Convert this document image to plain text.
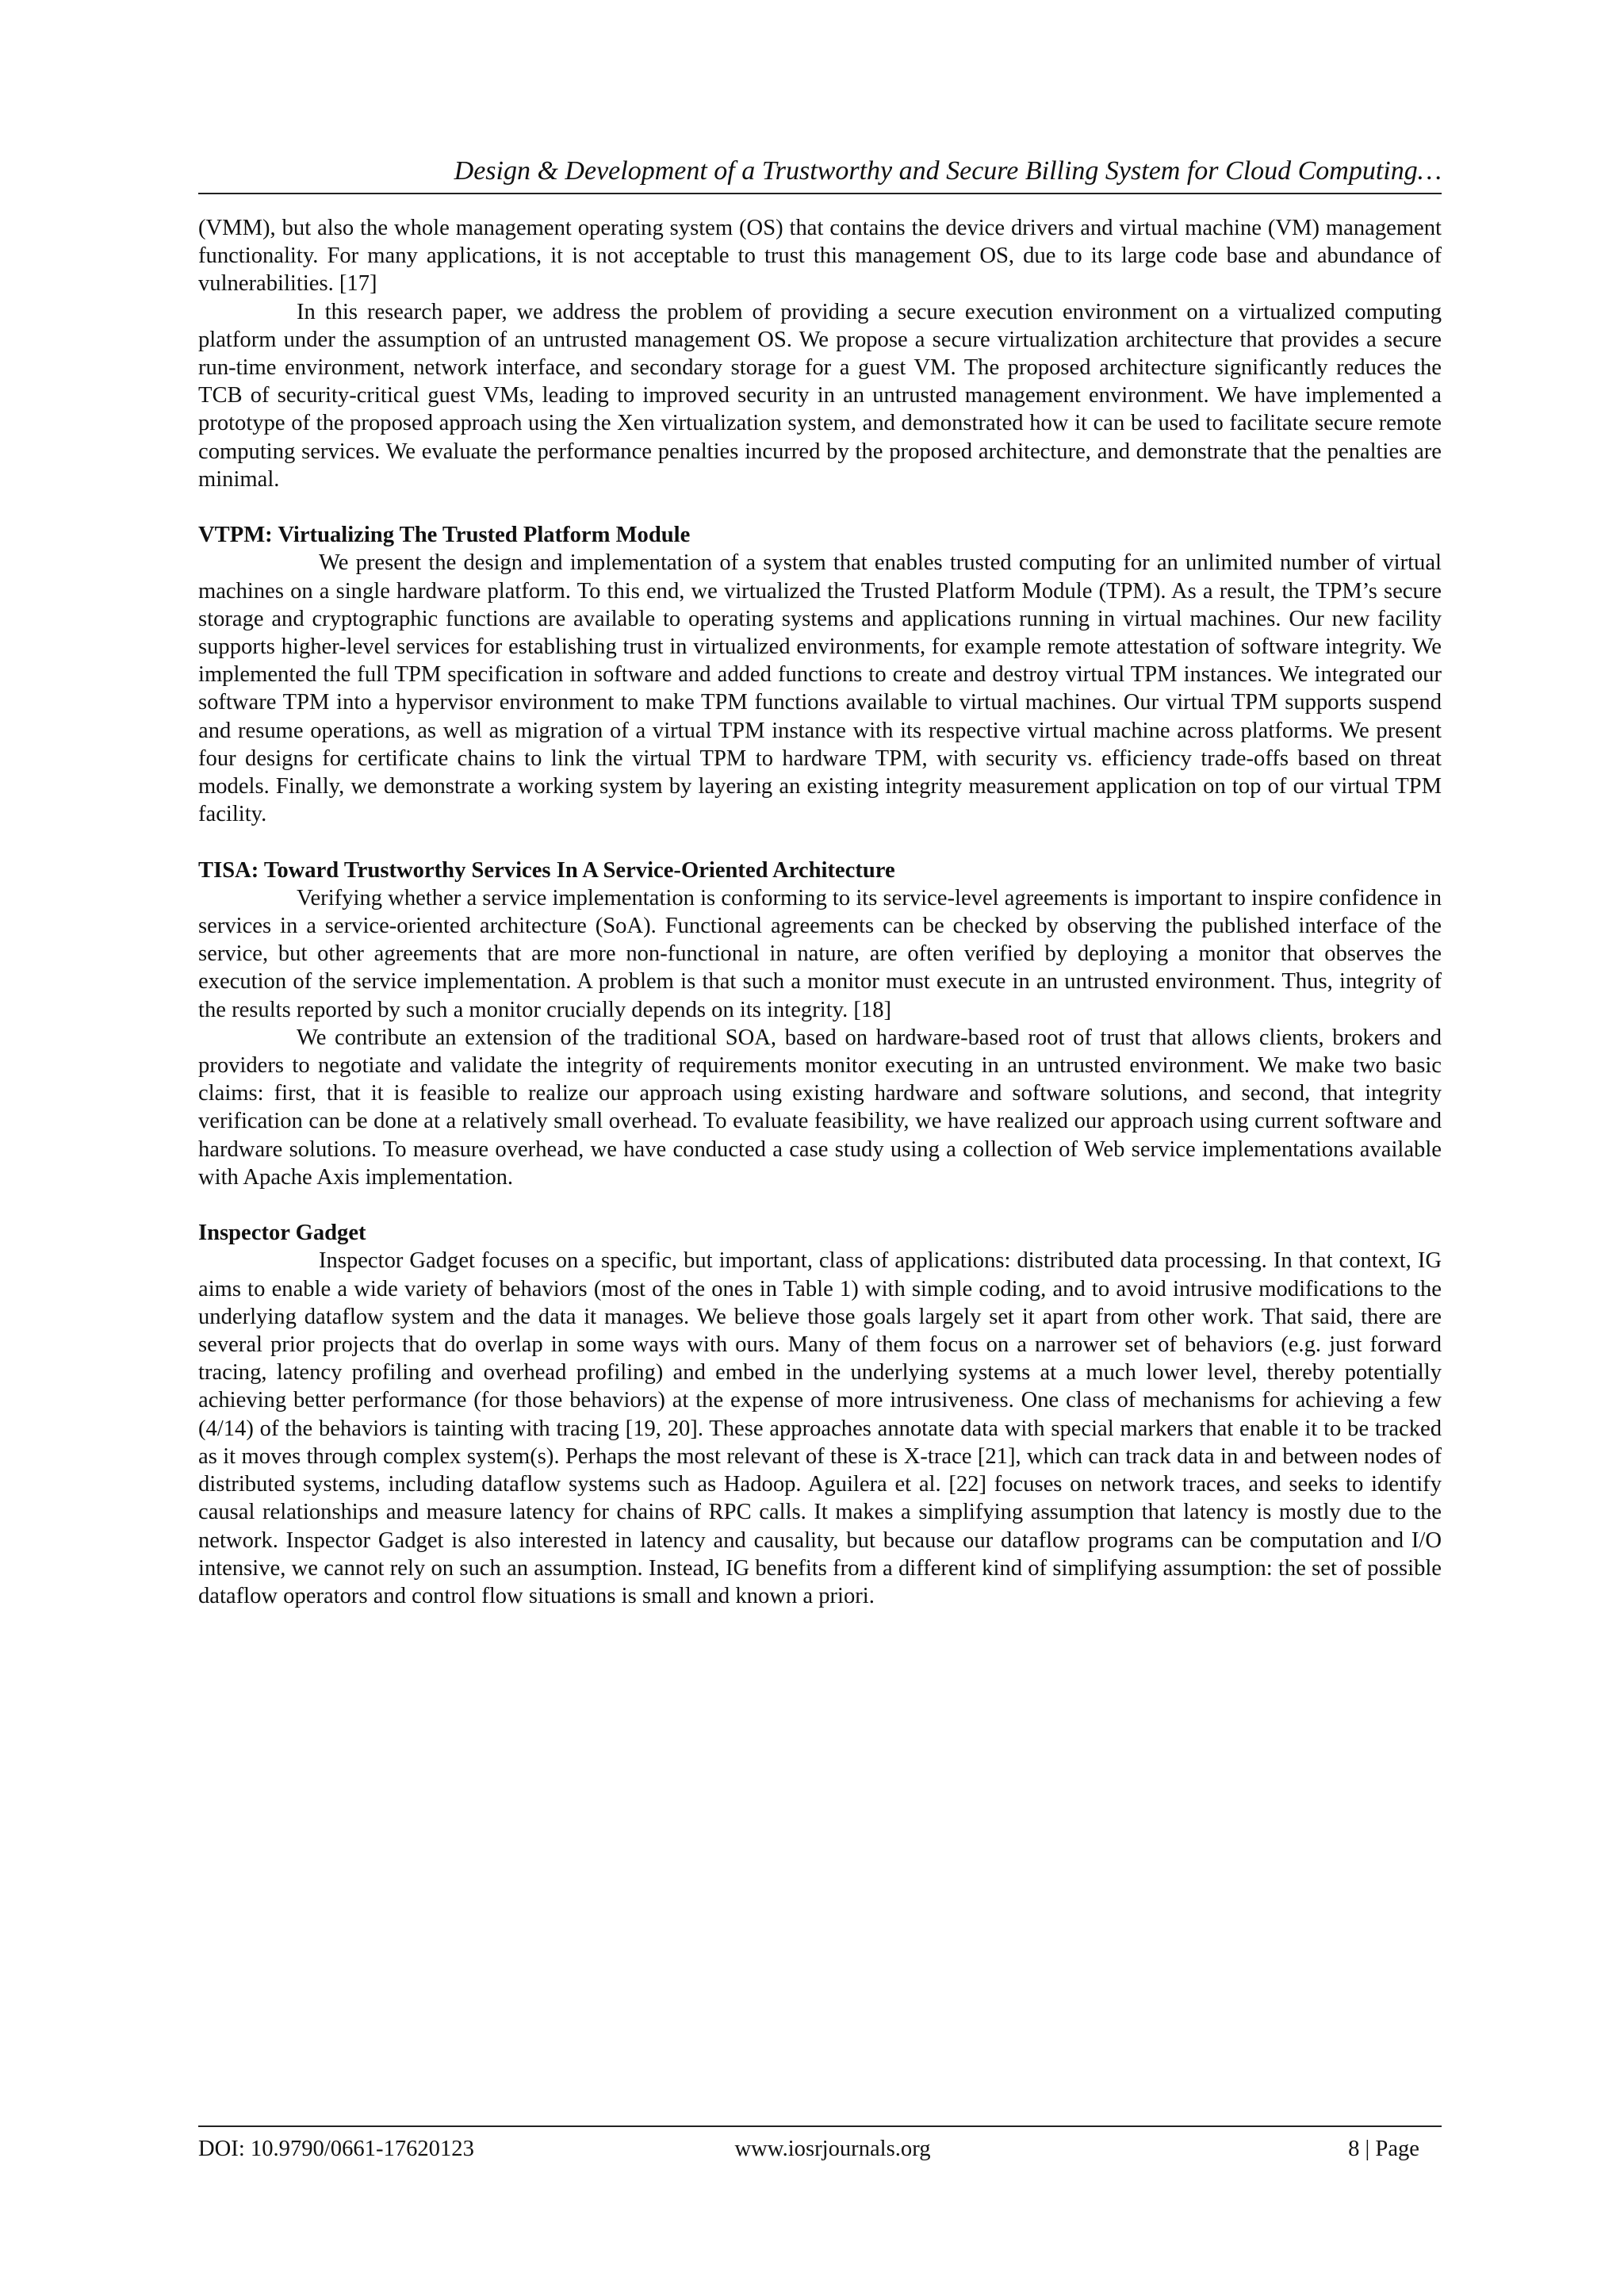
Design & Development of a Trustworthy and Secure Billing System for Cloud Computing…

(VMM), but also the whole management operating system (OS) that contains the device drivers and virtual machine (VM) management functionality. For many applications, it is not acceptable to trust this management OS, due to its large code base and abundance of vulnerabilities. [17]

In this research paper, we address the problem of providing a secure execution environment on a virtualized computing platform under the assumption of an untrusted management OS. We propose a secure virtualization architecture that provides a secure run-time environment, network interface, and secondary storage for a guest VM. The proposed architecture significantly reduces the TCB of security-critical guest VMs, leading to improved security in an untrusted management environment. We have implemented a prototype of the proposed approach using the Xen virtualization system, and demonstrated how it can be used to facilitate secure remote computing services. We evaluate the performance penalties incurred by the proposed architecture, and demonstrate that the penalties are minimal.

VTPM: Virtualizing The Trusted Platform Module

We present the design and implementation of a system that enables trusted computing for an unlimited number of virtual machines on a single hardware platform. To this end, we virtualized the Trusted Platform Module (TPM). As a result, the TPM’s secure storage and cryptographic functions are available to operating systems and applications running in virtual machines. Our new facility supports higher-level services for establishing trust in virtualized environments, for example remote attestation of software integrity. We implemented the full TPM specification in software and added functions to create and destroy virtual TPM instances. We integrated our software TPM into a hypervisor environment to make TPM functions available to virtual machines. Our virtual TPM supports suspend and resume operations, as well as migration of a virtual TPM instance with its respective virtual machine across platforms. We present four designs for certificate chains to link the virtual TPM to hardware TPM, with security vs. efficiency trade-offs based on threat models. Finally, we demonstrate a working system by layering an existing integrity measurement application on top of our virtual TPM facility.

TISA: Toward Trustworthy Services In A Service-Oriented Architecture

Verifying whether a service implementation is conforming to its service-level agreements is important to inspire confidence in services in a service-oriented architecture (SoA). Functional agreements can be checked by observing the published interface of the service, but other agreements that are more non-functional in nature, are often verified by deploying a monitor that observes the execution of the service implementation. A problem is that such a monitor must execute in an untrusted environment. Thus, integrity of the results reported by such a monitor crucially depends on its integrity. [18]

We contribute an extension of the traditional SOA, based on hardware-based root of trust that allows clients, brokers and providers to negotiate and validate the integrity of requirements monitor executing in an untrusted environment. We make two basic claims: first, that it is feasible to realize our approach using existing hardware and software solutions, and second, that integrity verification can be done at a relatively small overhead. To evaluate feasibility, we have realized our approach using current software and hardware solutions. To measure overhead, we have conducted a case study using a collection of Web service implementations available with Apache Axis implementation.

Inspector Gadget

Inspector Gadget focuses on a specific, but important, class of applications: distributed data processing. In that context, IG aims to enable a wide variety of behaviors (most of the ones in Table 1) with simple coding, and to avoid intrusive modifications to the underlying dataflow system and the data it manages. We believe those goals largely set it apart from other work. That said, there are several prior projects that do overlap in some ways with ours. Many of them focus on a narrower set of behaviors (e.g. just forward tracing, latency profiling and overhead profiling) and embed in the underlying systems at a much lower level, thereby potentially achieving better performance (for those behaviors) at the expense of more intrusiveness. One class of mechanisms for achieving a few (4/14) of the behaviors is tainting with tracing [19, 20]. These approaches annotate data with special markers that enable it to be tracked as it moves through complex system(s). Perhaps the most relevant of these is X-trace [21], which can track data in and between nodes of distributed systems, including dataflow systems such as Hadoop. Aguilera et al. [22] focuses on network traces, and seeks to identify causal relationships and measure latency for chains of RPC calls. It makes a simplifying assumption that latency is mostly due to the network. Inspector Gadget is also interested in latency and causality, but because our dataflow programs can be computation and I/O intensive, we cannot rely on such an assumption. Instead, IG benefits from a different kind of simplifying assumption: the set of possible dataflow operators and control flow situations is small and known a priori.

DOI: 10.9790/0661-17620123	www.iosrjournals.org	8 | Page
